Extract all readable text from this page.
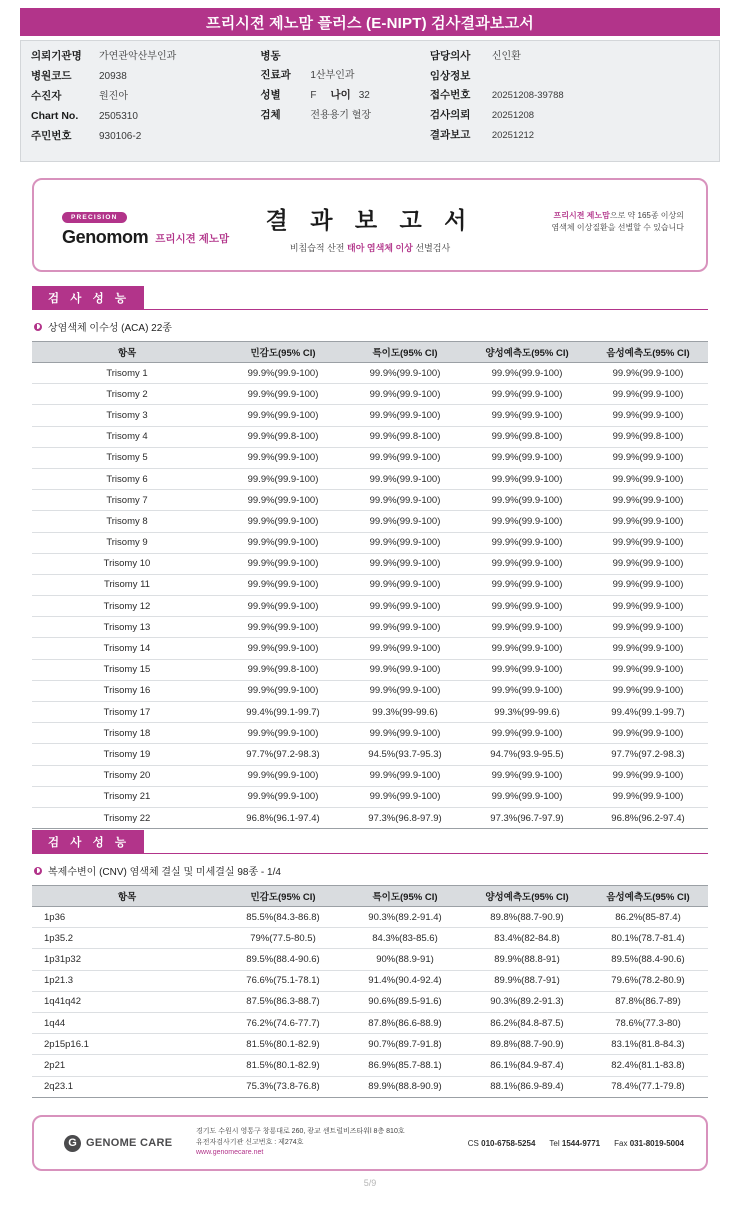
프리시젼 제노맘 플러스 (E-NIPT) 검사결과보고서
의뢰기관명	가연관악산부인과
병원코드	20938
수진자	원진아
Chart No.	2505310
주민번호	930106-2
병동
진료과	1산부인과
성별	F 나이 32
검체	전용용기 혈장
담당의사	신인환
임상정보
접수번호	20251208-39788
검사의뢰	20251208
결과보고	20251212
PRECISION
Genomom 프리시젼 제노맘
결 과 보 고 서
비침습적 산전 태아 염색체 이상 선별검사
프리시젼 제노맘으로 약 165종 이상의
염색체 이상질환을 선별할 수 있습니다
검 사 성 능
상염색체 이수성 (ACA) 22종
항목	민감도(95% CI)	특이도(95% CI)	양성예측도(95% CI)	음성예측도(95% CI)
Trisomy 1	99.9%(99.9-100)	99.9%(99.9-100)	99.9%(99.9-100)	99.9%(99.9-100)
Trisomy 2	99.9%(99.9-100)	99.9%(99.9-100)	99.9%(99.9-100)	99.9%(99.9-100)
Trisomy 3	99.9%(99.9-100)	99.9%(99.9-100)	99.9%(99.9-100)	99.9%(99.9-100)
Trisomy 4	99.9%(99.8-100)	99.9%(99.8-100)	99.9%(99.8-100)	99.9%(99.8-100)
Trisomy 5	99.9%(99.9-100)	99.9%(99.9-100)	99.9%(99.9-100)	99.9%(99.9-100)
Trisomy 6	99.9%(99.9-100)	99.9%(99.9-100)	99.9%(99.9-100)	99.9%(99.9-100)
Trisomy 7	99.9%(99.9-100)	99.9%(99.9-100)	99.9%(99.9-100)	99.9%(99.9-100)
Trisomy 8	99.9%(99.9-100)	99.9%(99.9-100)	99.9%(99.9-100)	99.9%(99.9-100)
Trisomy 9	99.9%(99.9-100)	99.9%(99.9-100)	99.9%(99.9-100)	99.9%(99.9-100)
Trisomy 10	99.9%(99.9-100)	99.9%(99.9-100)	99.9%(99.9-100)	99.9%(99.9-100)
Trisomy 11	99.9%(99.9-100)	99.9%(99.9-100)	99.9%(99.9-100)	99.9%(99.9-100)
Trisomy 12	99.9%(99.9-100)	99.9%(99.9-100)	99.9%(99.9-100)	99.9%(99.9-100)
Trisomy 13	99.9%(99.9-100)	99.9%(99.9-100)	99.9%(99.9-100)	99.9%(99.9-100)
Trisomy 14	99.9%(99.9-100)	99.9%(99.9-100)	99.9%(99.9-100)	99.9%(99.9-100)
Trisomy 15	99.9%(99.8-100)	99.9%(99.9-100)	99.9%(99.9-100)	99.9%(99.9-100)
Trisomy 16	99.9%(99.9-100)	99.9%(99.9-100)	99.9%(99.9-100)	99.9%(99.9-100)
Trisomy 17	99.4%(99.1-99.7)	99.3%(99-99.6)	99.3%(99-99.6)	99.4%(99.1-99.7)
Trisomy 18	99.9%(99.9-100)	99.9%(99.9-100)	99.9%(99.9-100)	99.9%(99.9-100)
Trisomy 19	97.7%(97.2-98.3)	94.5%(93.7-95.3)	94.7%(93.9-95.5)	97.7%(97.2-98.3)
Trisomy 20	99.9%(99.9-100)	99.9%(99.9-100)	99.9%(99.9-100)	99.9%(99.9-100)
Trisomy 21	99.9%(99.9-100)	99.9%(99.9-100)	99.9%(99.9-100)	99.9%(99.9-100)
Trisomy 22	96.8%(96.1-97.4)	97.3%(96.8-97.9)	97.3%(96.7-97.9)	96.8%(96.2-97.4)
검 사 성 능
복제수변이 (CNV) 염색체 결실 및 미세결실 98종 - 1/4
항목	민감도(95% CI)	특이도(95% CI)	양성예측도(95% CI)	음성예측도(95% CI)
1p36	85.5%(84.3-86.8)	90.3%(89.2-91.4)	89.8%(88.7-90.9)	86.2%(85-87.4)
1p35.2	79%(77.5-80.5)	84.3%(83-85.6)	83.4%(82-84.8)	80.1%(78.7-81.4)
1p31p32	89.5%(88.4-90.6)	90%(88.9-91)	89.9%(88.8-91)	89.5%(88.4-90.6)
1p21.3	76.6%(75.1-78.1)	91.4%(90.4-92.4)	89.9%(88.7-91)	79.6%(78.2-80.9)
1q41q42	87.5%(86.3-88.7)	90.6%(89.5-91.6)	90.3%(89.2-91.3)	87.8%(86.7-89)
1q44	76.2%(74.6-77.7)	87.8%(86.6-88.9)	86.2%(84.8-87.5)	78.6%(77.3-80)
2p15p16.1	81.5%(80.1-82.9)	90.7%(89.7-91.8)	89.8%(88.7-90.9)	83.1%(81.8-84.3)
2p21	81.5%(80.1-82.9)	86.9%(85.7-88.1)	86.1%(84.9-87.4)	82.4%(81.1-83.8)
2q23.1	75.3%(73.8-76.8)	89.9%(88.8-90.9)	88.1%(86.9-89.4)	78.4%(77.1-79.8)
G GENOME CARE
경기도 수원시 영통구 창룡대로 260, 광교 센트럴비즈타워l 8층 810호
유전자검사기관 신고번호 : 제274호
www.genomecare.net
CS 010-6758-5254 Tel 1544-9771 Fax 031-8019-5004
5/9
